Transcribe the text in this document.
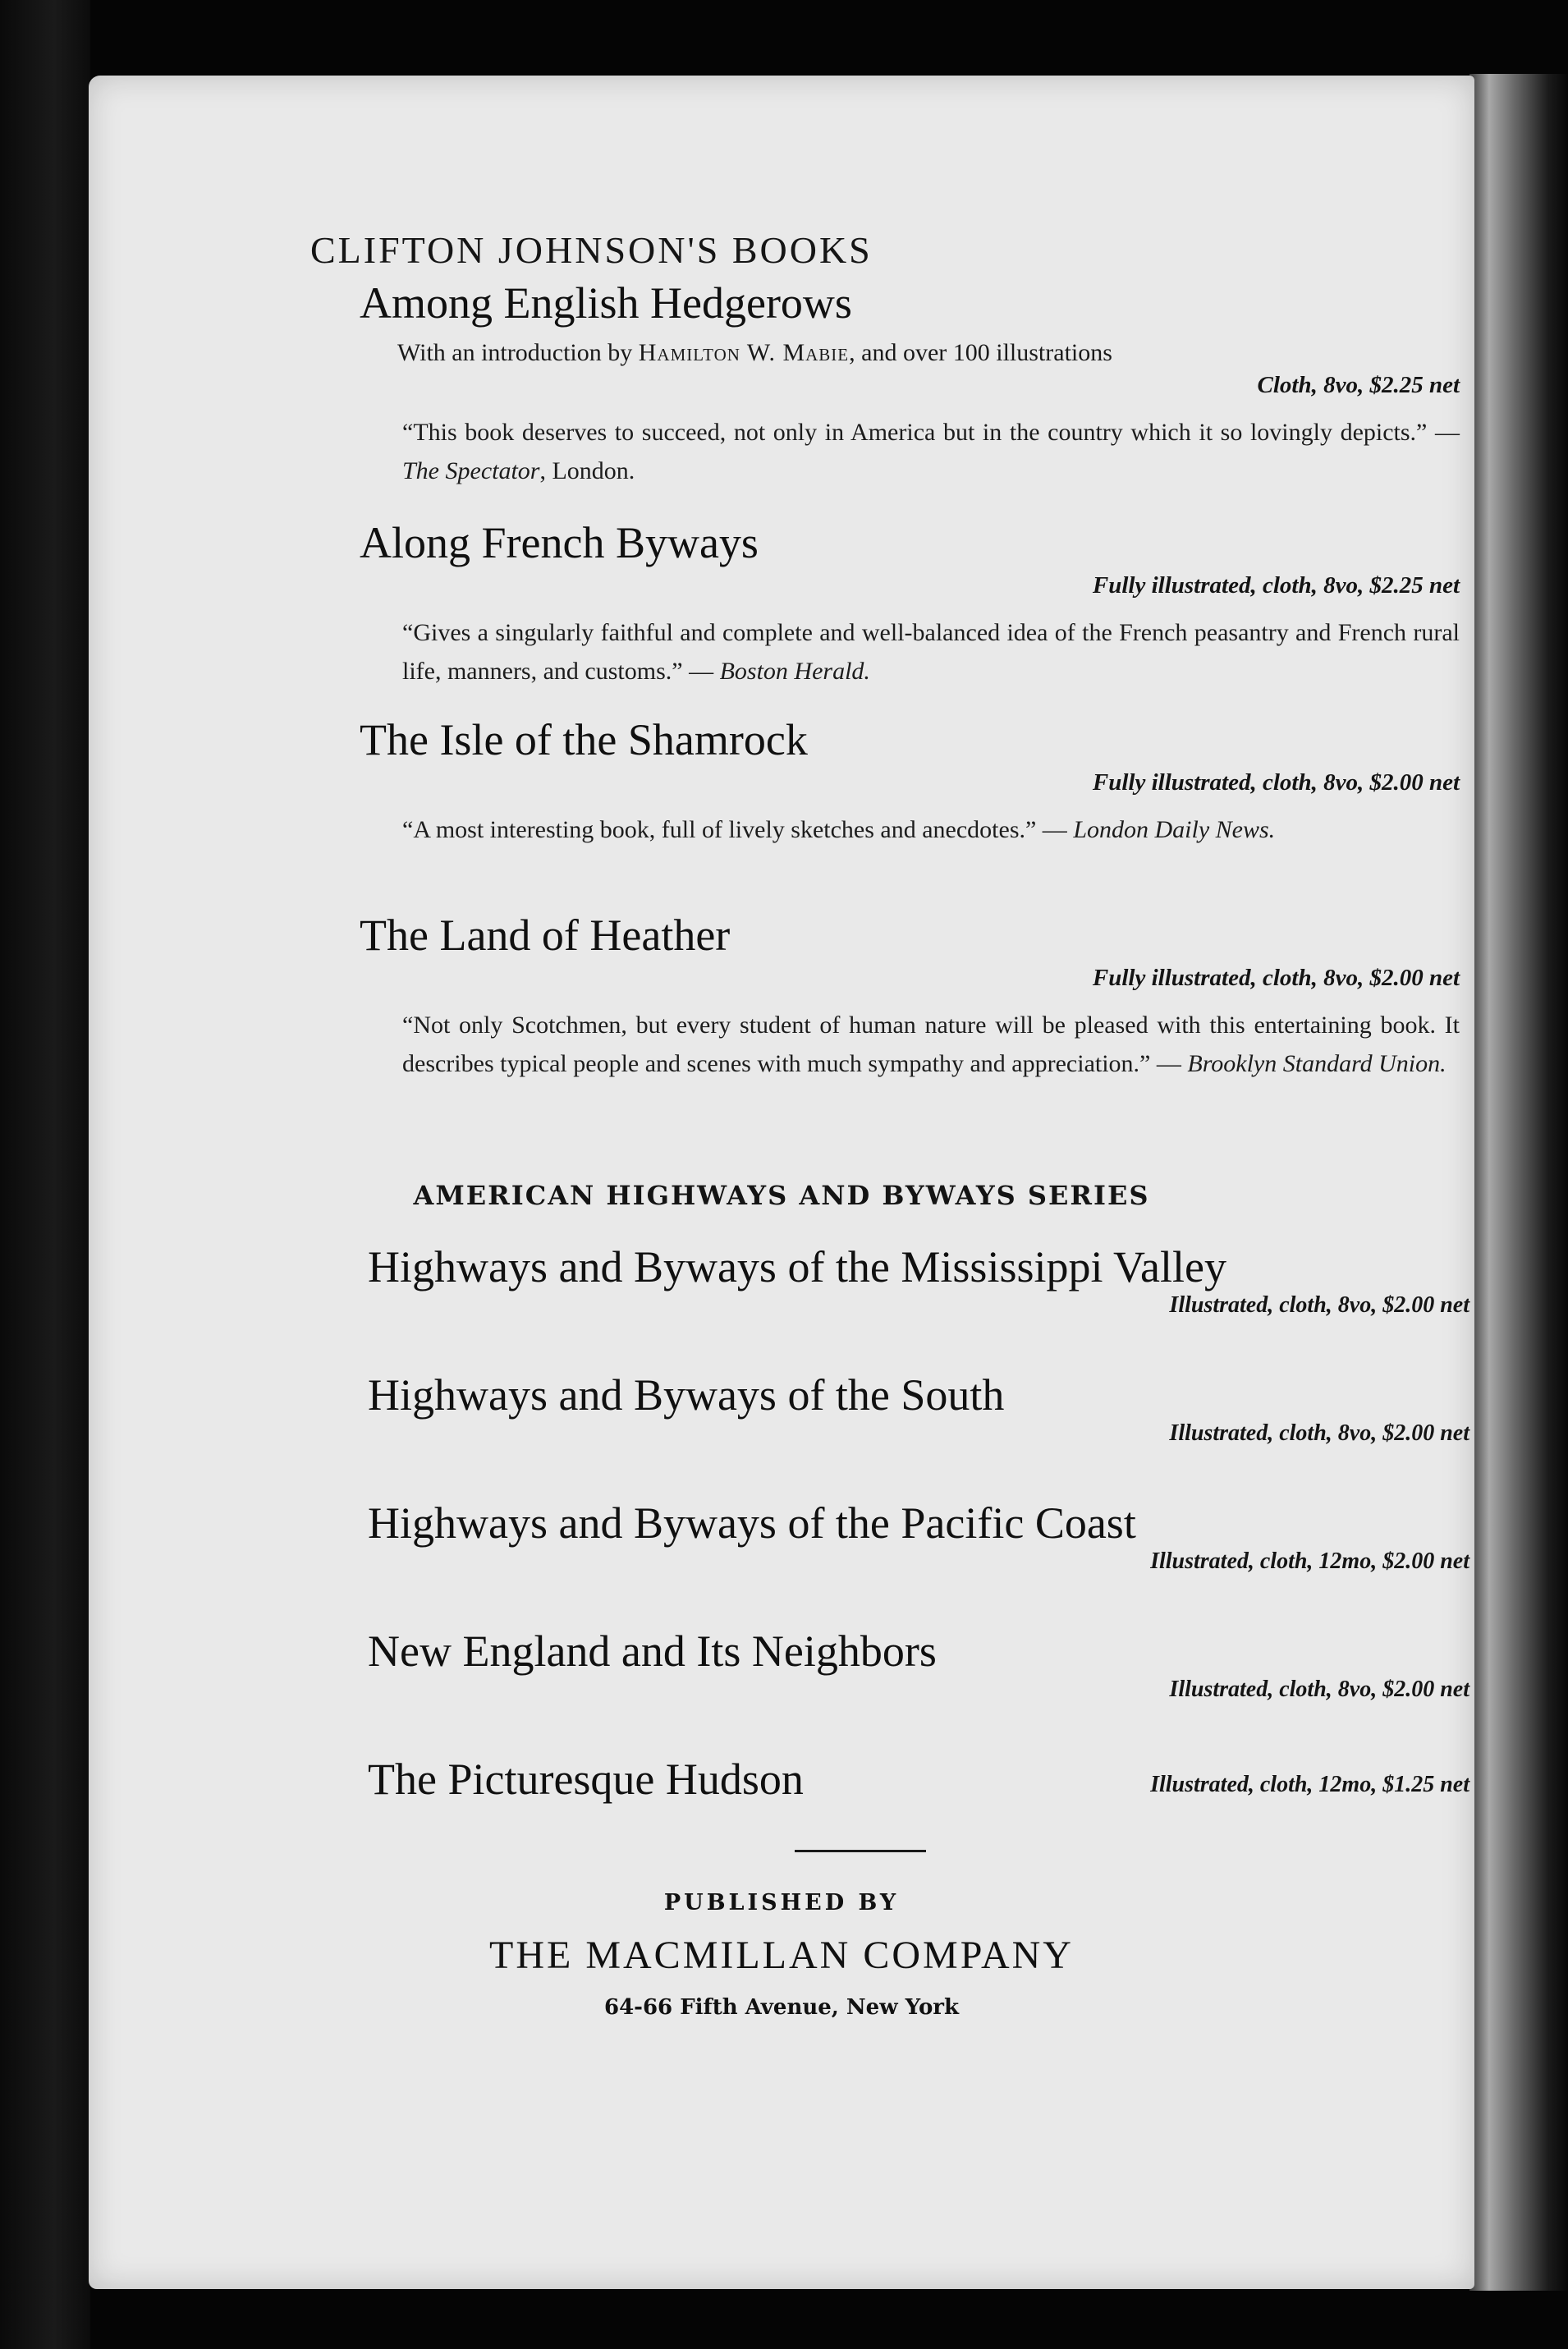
CLIFTON JOHNSON'S BOOKS
Among English Hedgerows
With an introduction by Hamilton W. Mabie, and over 100 illustrations
Cloth, 8vo, $2.25 net
“This book deserves to succeed, not only in America but in the country which it so lovingly depicts.” — The Spectator, London.
Along French Byways
Fully illustrated, cloth, 8vo, $2.25 net
“Gives a singularly faithful and complete and well-balanced idea of the French peasantry and French rural life, manners, and customs.” — Boston Herald.
The Isle of the Shamrock
Fully illustrated, cloth, 8vo, $2.00 net
“A most interesting book, full of lively sketches and anecdotes.” — London Daily News.
The Land of Heather
Fully illustrated, cloth, 8vo, $2.00 net
“Not only Scotchmen, but every student of human nature will be pleased with this entertaining book. It describes typical people and scenes with much sympathy and appreciation.” — Brooklyn Standard Union.
AMERICAN HIGHWAYS AND BYWAYS SERIES
Highways and Byways of the Mississippi Valley
Illustrated, cloth, 8vo, $2.00 net
Highways and Byways of the South
Illustrated, cloth, 8vo, $2.00 net
Highways and Byways of the Pacific Coast
Illustrated, cloth, 12mo, $2.00 net
New England and Its Neighbors
Illustrated, cloth, 8vo, $2.00 net
The Picturesque Hudson	Illustrated, cloth, 12mo, $1.25 net
PUBLISHED BY
THE MACMILLAN COMPANY
64-66 Fifth Avenue, New York
